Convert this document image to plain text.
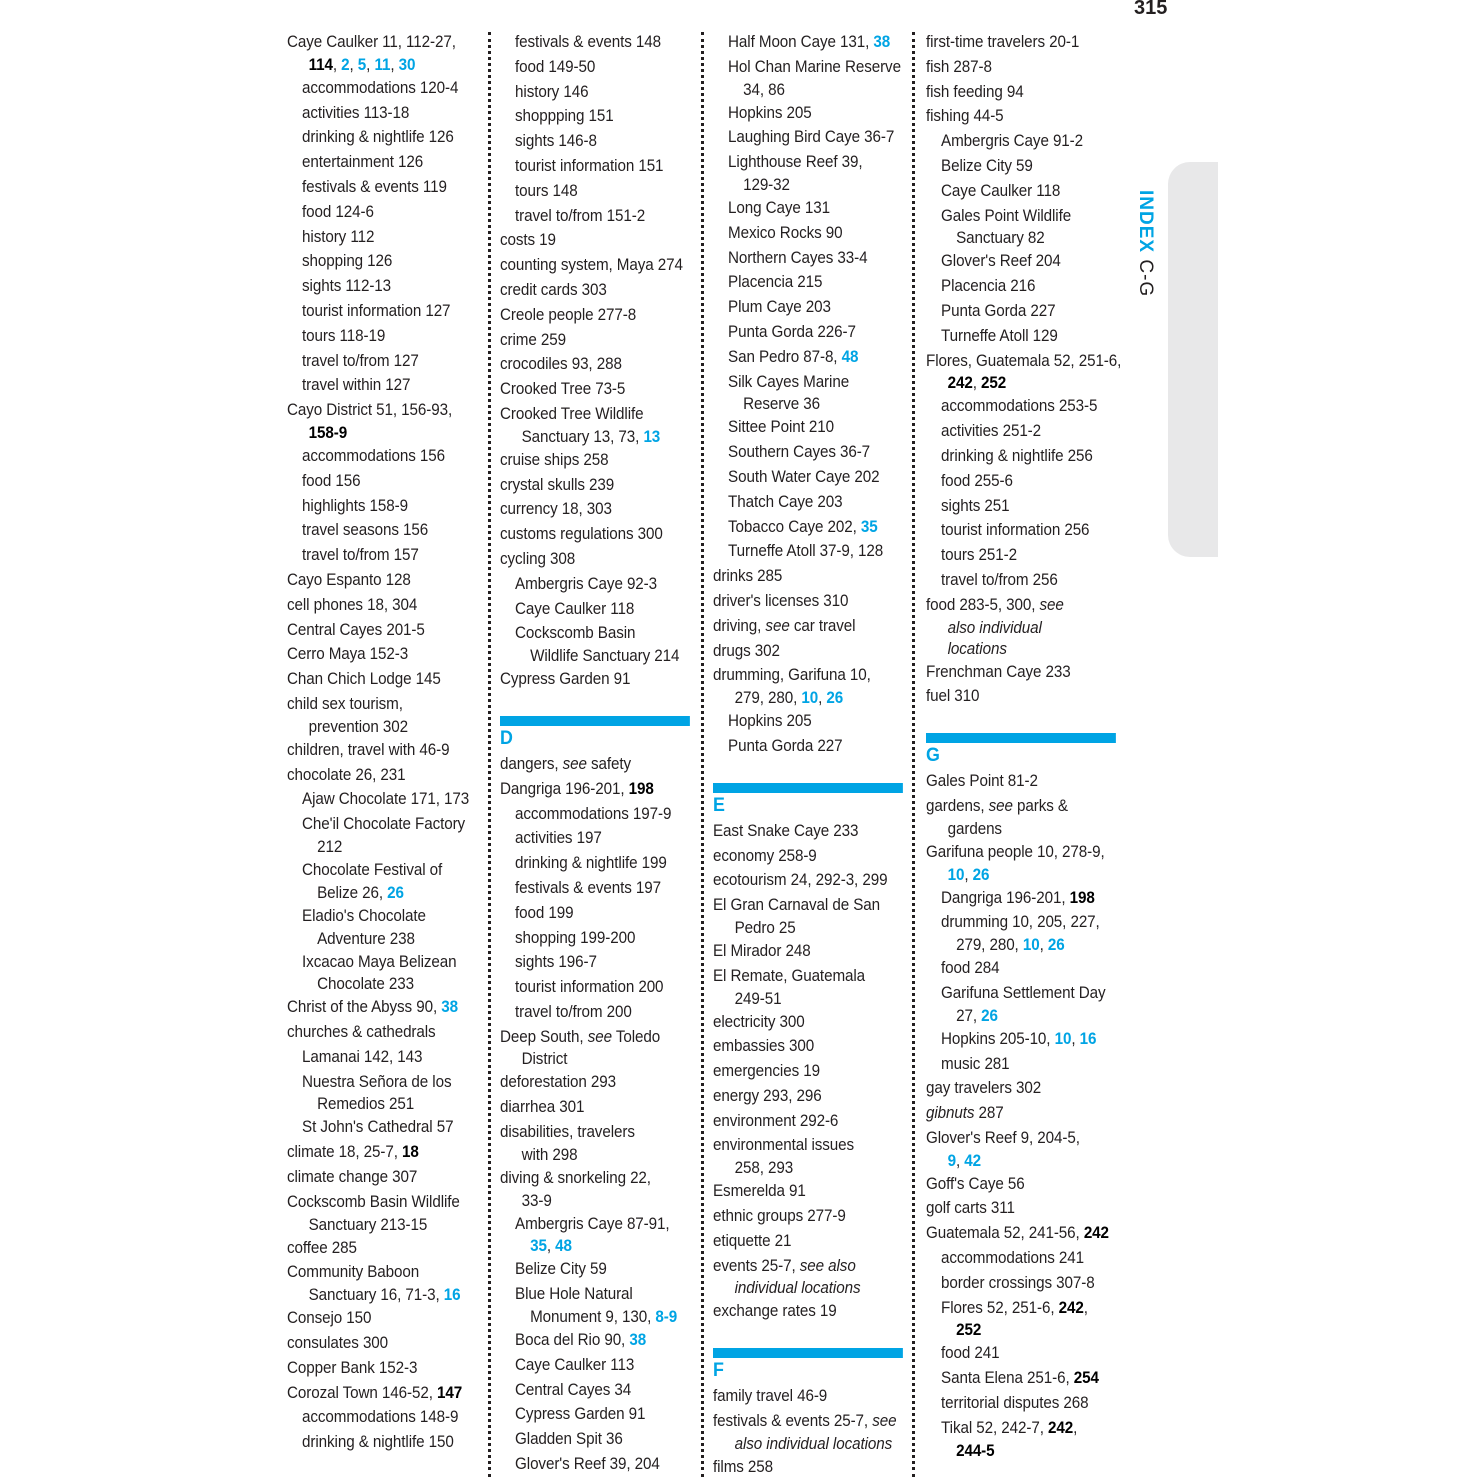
315
INDEX C-G
Caye Caulker 11, 112-27,
114, 2, 5, 11, 30
accommodations 120-4
activities 113-18
drinking & nightlife 126
entertainment 126
festivals & events 119
food 124-6
history 112
shopping 126
sights 112-13
tourist information 127
tours 118-19
travel to/from 127
travel within 127
Cayo District 51, 156-93,
158-9
accommodations 156
food 156
highlights 158-9
travel seasons 156
travel to/from 157
Cayo Espanto 128
cell phones 18, 304
Central Cayes 201-5
Cerro Maya 152-3
Chan Chich Lodge 145
child sex tourism,
prevention 302
children, travel with 46-9
chocolate 26, 231
Ajaw Chocolate 171, 173
Che'il Chocolate Factory
212
Chocolate Festival of
Belize 26, 26
Eladio's Chocolate
Adventure 238
Ixcacao Maya Belizean
Chocolate 233
Christ of the Abyss 90, 38
churches & cathedrals
Lamanai 142, 143
Nuestra Señora de los
Remedios 251
St John's Cathedral 57
climate 18, 25-7, 18
climate change 307
Cockscomb Basin Wildlife
Sanctuary 213-15
coffee 285
Community Baboon
Sanctuary 16, 71-3, 16
Consejo 150
consulates 300
Copper Bank 152-3
Corozal Town 146-52, 147
accommodations 148-9
drinking & nightlife 150
festivals & events 148
food 149-50
history 146
shoppping 151
sights 146-8
tourist information 151
tours 148
travel to/from 151-2
costs 19
counting system, Maya 274
credit cards 303
Creole people 277-8
crime 259
crocodiles 93, 288
Crooked Tree 73-5
Crooked Tree Wildlife
Sanctuary 13, 73, 13
cruise ships 258
crystal skulls 239
currency 18, 303
customs regulations 300
cycling 308
Ambergris Caye 92-3
Caye Caulker 118
Cockscomb Basin
Wildlife Sanctuary 214
Cypress Garden 91
D
dangers, see safety
Dangriga 196-201, 198
accommodations 197-9
activities 197
drinking & nightlife 199
festivals & events 197
food 199
shopping 199-200
sights 196-7
tourist information 200
travel to/from 200
Deep South, see Toledo
District
deforestation 293
diarrhea 301
disabilities, travelers
with 298
diving & snorkeling 22,
33-9
Ambergris Caye 87-91,
35, 48
Belize City 59
Blue Hole Natural
Monument 9, 130, 8-9
Boca del Rio 90, 38
Caye Caulker 113
Central Cayes 34
Cypress Garden 91
Gladden Spit 36
Glover's Reef 39, 204
Half Moon Caye 131, 38
Hol Chan Marine Reserve
34, 86
Hopkins 205
Laughing Bird Caye 36-7
Lighthouse Reef 39,
129-32
Long Caye 131
Mexico Rocks 90
Northern Cayes 33-4
Placencia 215
Plum Caye 203
Punta Gorda 226-7
San Pedro 87-8, 48
Silk Cayes Marine
Reserve 36
Sittee Point 210
Southern Cayes 36-7
South Water Caye 202
Thatch Caye 203
Tobacco Caye 202, 35
Turneffe Atoll 37-9, 128
drinks 285
driver's licenses 310
driving, see car travel
drugs 302
drumming, Garifuna 10,
279, 280, 10, 26
Hopkins 205
Punta Gorda 227
E
East Snake Caye 233
economy 258-9
ecotourism 24, 292-3, 299
El Gran Carnaval de San
Pedro 25
El Mirador 248
El Remate, Guatemala
249-51
electricity 300
embassies 300
emergencies 19
energy 293, 296
environment 292-6
environmental issues
258, 293
Esmerelda 91
ethnic groups 277-9
etiquette 21
events 25-7, see also
individual locations
exchange rates 19
F
family travel 46-9
festivals & events 25-7, see
also individual locations
films 258
first-time travelers 20-1
fish 287-8
fish feeding 94
fishing 44-5
Ambergris Caye 91-2
Belize City 59
Caye Caulker 118
Gales Point Wildlife
Sanctuary 82
Glover's Reef 204
Placencia 216
Punta Gorda 227
Turneffe Atoll 129
Flores, Guatemala 52, 251-6,
242, 252
accommodations 253-5
activities 251-2
drinking & nightlife 256
food 255-6
sights 251
tourist information 256
tours 251-2
travel to/from 256
food 283-5, 300, see
also individual
locations
Frenchman Caye 233
fuel 310
G
Gales Point 81-2
gardens, see parks &
gardens
Garifuna people 10, 278-9,
10, 26
Dangriga 196-201, 198
drumming 10, 205, 227,
279, 280, 10, 26
food 284
Garifuna Settlement Day
27, 26
Hopkins 205-10, 10, 16
music 281
gay travelers 302
gibnuts 287
Glover's Reef 9, 204-5,
9, 42
Goff's Caye 56
golf carts 311
Guatemala 52, 241-56, 242
accommodations 241
border crossings 307-8
Flores 52, 251-6, 242,
252
food 241
Santa Elena 251-6, 254
territorial disputes 268
Tikal 52, 242-7, 242,
244-5
